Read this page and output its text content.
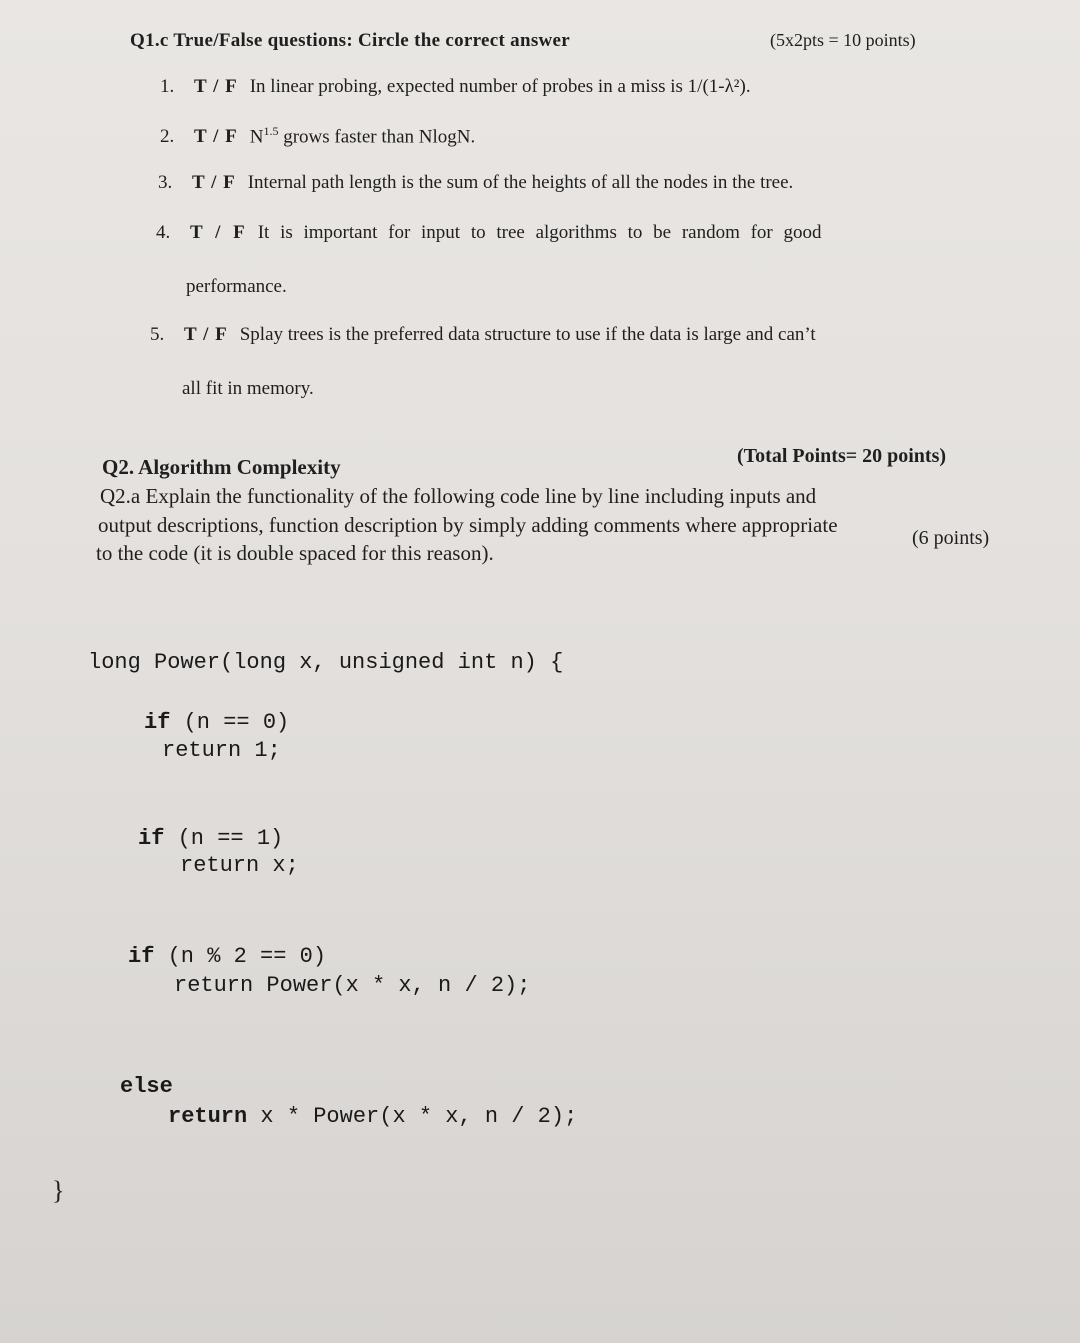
Q1.c True/False questions: Circle the correct answer	(5x2pts = 10 points)
1. T / F In linear probing, expected number of probes in a miss is 1/(1-λ²).
2. T / F $N^{1.5}$ grows faster than NlogN.
3. T / F Internal path length is the sum of the heights of all the nodes in the tree.
4. T / F It is important for input to tree algorithms to be random for good
performance.
5. T / F Splay trees is the preferred data structure to use if the data is large and can’t
all fit in memory.
Q2. Algorithm Complexity	(Total Points= 20 points)
Q2.a Explain the functionality of the following code line by line including inputs and
output descriptions, function description by simply adding comments where appropriate
to the code (it is double spaced for this reason).
(6 points)
long Power(long x, unsigned int n) {
if (n == 0)
return 1;
if (n == 1)
return x;
if (n % 2 == 0)
return Power(x * x, n / 2);
else
return x * Power(x * x, n / 2);
}
